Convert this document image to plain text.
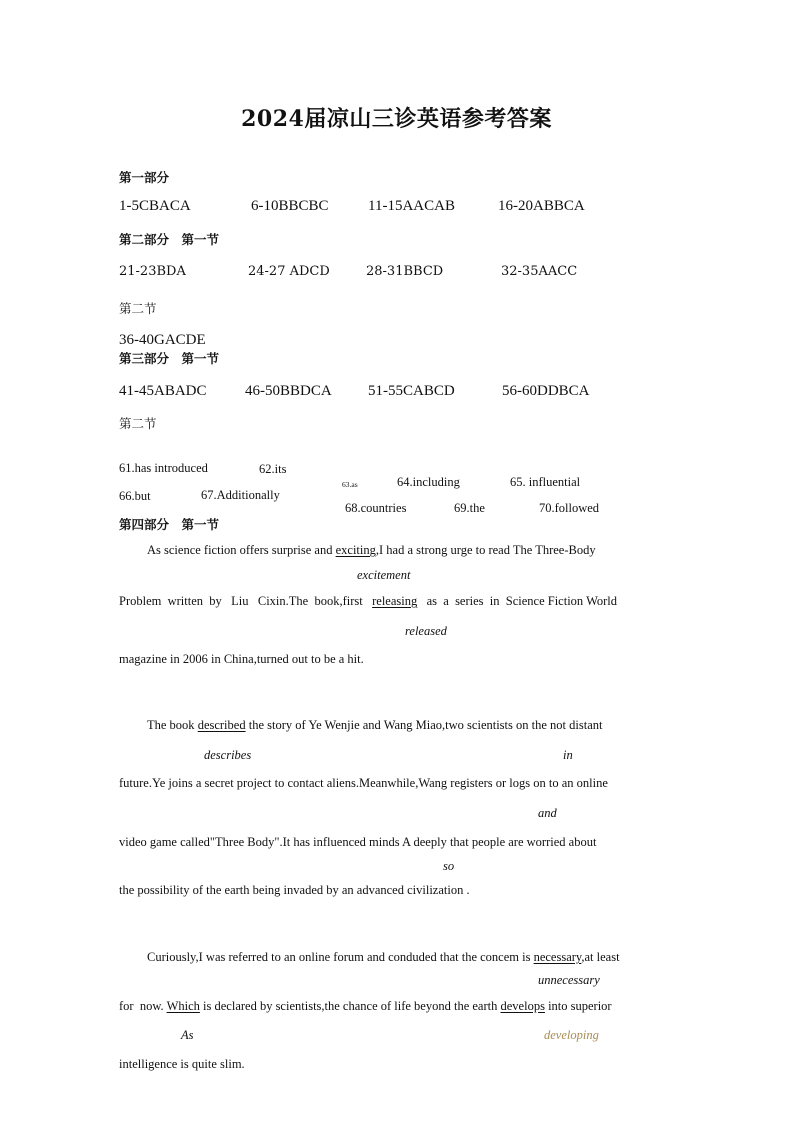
2024届凉山三诊英语参考答案
第一部分
1-5CBACA	6-10BBCBC	11-15AACAB	16-20ABBCA
第二部分　第一节
21-23BDA	24-27 ADCD	28-31BBCD	32-35AACC
第二节
36-40GACDE
第三部分　第一节
41-45ABADC	46-50BBDCA 51-55CABCD	56-60DDBCA
第二节
61.has introduced	62.its
63.as	64.including	65. influential
66.but	67.Additionally
68.countries	69.the	70.followed
第四部分　第一节
As science fiction offers surprise and exciting,I had a strong urge to read The Three-Body
excitement
Problem  written  by   Liu   Cixin.The  book,first   releasing   as  a  series  in  Science Fiction World
released
magazine in 2006 in China,turned out to be a hit.
The book described the story of Ye Wenjie and Wang Miao,two scientists on the not distant
describes	in
future.Ye joins a secret project to contact aliens.Meanwhile,Wang registers or logs on to an online
and
video game called"Three Body".It has influenced minds A deeply that people are worried about
so
the possibility of the earth being invaded by an advanced civilization .
Curiously,I was referred to an online forum and conduded that the concem is necessary,at least
unnecessary
for  now. Which is declared by scientists,the chance of life beyond the earth develops into superior
As	developing
intelligence is quite slim.
